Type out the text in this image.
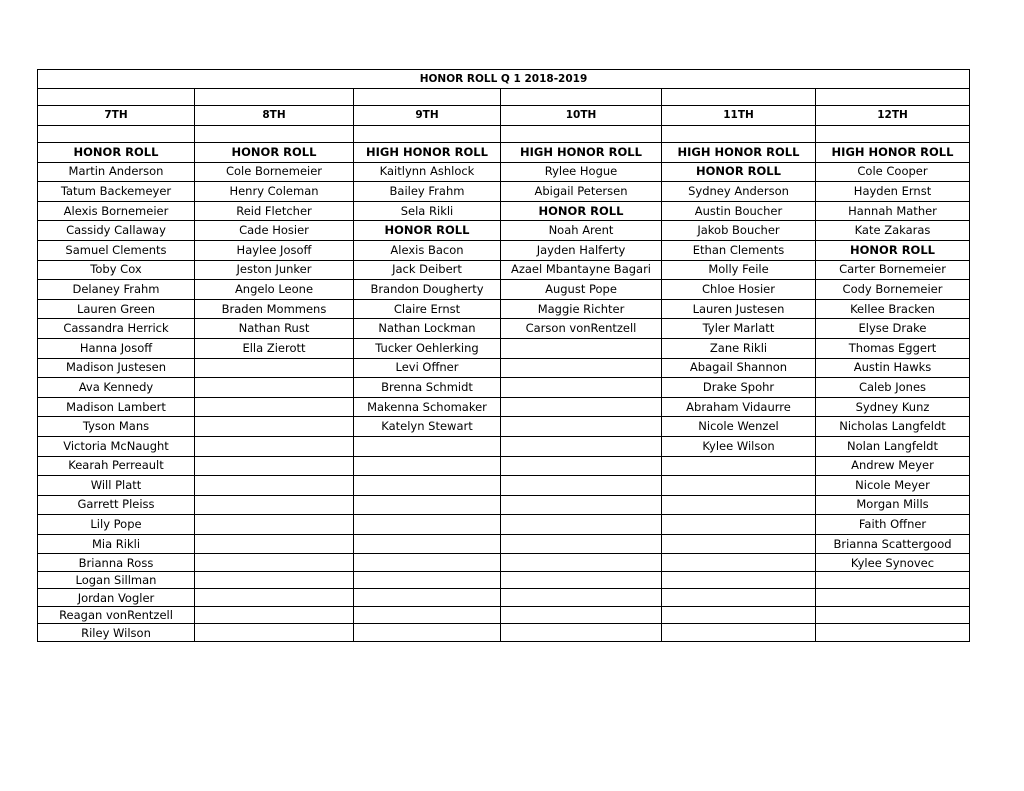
HONOR ROLL Q 1 2018-2019					

7TH	8TH	9TH	10TH	11TH	12TH

HONOR ROLL	HONOR ROLL	HIGH HONOR ROLL	HIGH HONOR ROLL	HIGH HONOR ROLL	HIGH HONOR ROLL
Martin Anderson	Cole Bornemeier	Kaitlynn Ashlock	Rylee Hogue	HONOR ROLL	Cole Cooper
Tatum Backemeyer	Henry Coleman	Bailey Frahm	Abigail Petersen	Sydney Anderson	Hayden Ernst
Alexis Bornemeier	Reid Fletcher	Sela Rikli	HONOR ROLL	Austin Boucher	Hannah Mather
Cassidy Callaway	Cade Hosier	HONOR ROLL	Noah Arent	Jakob Boucher	Kate Zakaras
Samuel Clements	Haylee Josoff	Alexis Bacon	Jayden Halferty	Ethan Clements	HONOR ROLL
Toby Cox	Jeston Junker	Jack Deibert	Azael Mbantayne Bagari	Molly Feile	Carter Bornemeier
Delaney Frahm	Angelo Leone	Brandon Dougherty	August Pope	Chloe Hosier	Cody Bornemeier
Lauren Green	Braden Mommens	Claire Ernst	Maggie Richter	Lauren Justesen	Kellee Bracken
Cassandra Herrick	Nathan Rust	Nathan Lockman	Carson vonRentzell	Tyler Marlatt	Elyse Drake
Hanna Josoff	Ella Zierott	Tucker Oehlerking		Zane Rikli	Thomas Eggert
Madison Justesen		Levi Offner		Abagail Shannon	Austin Hawks
Ava Kennedy		Brenna Schmidt		Drake Spohr	Caleb Jones
Madison Lambert		Makenna Schomaker		Abraham Vidaurre	Sydney Kunz
Tyson Mans		Katelyn Stewart		Nicole Wenzel	Nicholas Langfeldt
Victoria McNaught				Kylee Wilson	Nolan Langfeldt
Kearah Perreault					Andrew Meyer
Will Platt					Nicole Meyer
Garrett Pleiss					Morgan Mills
Lily Pope					Faith Offner
Mia Rikli					Brianna Scattergood
Brianna Ross					Kylee Synovec
Logan Sillman					
Jordan Vogler					
Reagan vonRentzell					
Riley Wilson					
